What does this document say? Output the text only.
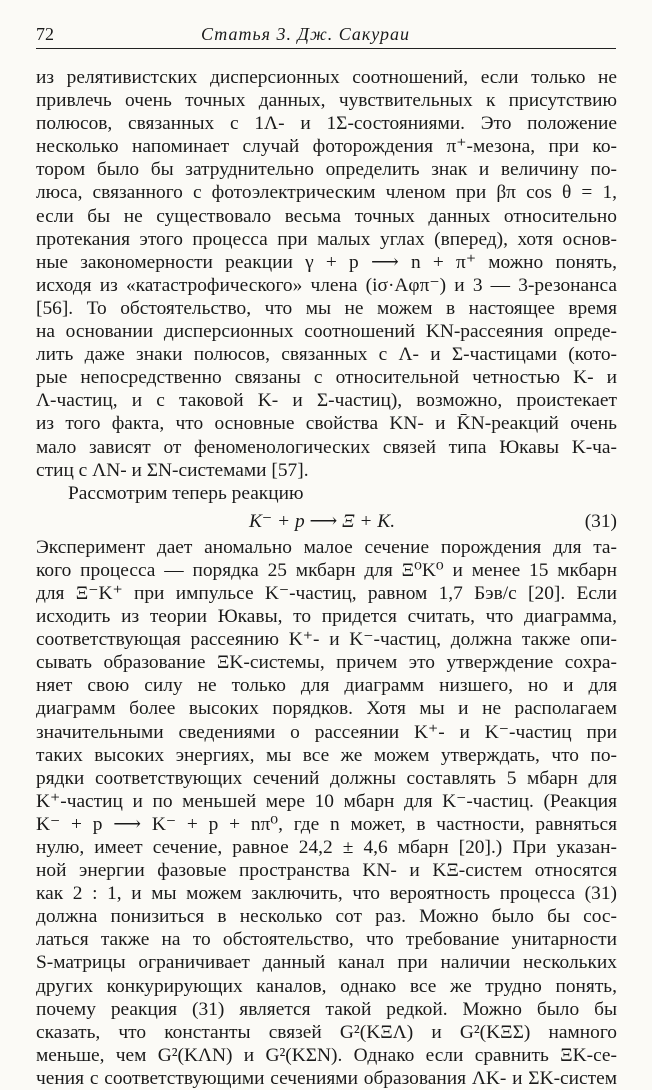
72	Статья 3. Дж. Сакураи
из релятивистских дисперсионных соотношений, если только не
привлечь очень точных данных, чувствительных к присутствию
полюсов, связанных с 1Λ- и 1Σ-состояниями. Это положение
несколько напоминает случай фоторождения π⁺-мезона, при ко-
тором было бы затруднительно определить знак и величину по-
люса, связанного с фотоэлектрическим членом при βπ cos θ = 1,
если бы не существовало весьма точных данных относительно
протекания этого процесса при малых углах (вперед), хотя основ-
ные закономерности реакции γ + p ⟶ n + π⁺ можно понять,
исходя из «катастрофического» члена (iσ·Aφπ⁻) и 3 — 3-резонанса
[56]. То обстоятельство, что мы не можем в настоящее время
на основании дисперсионных соотношений KN-рассеяния опреде-
лить даже знаки полюсов, связанных с Λ- и Σ-частицами (кото-
рые непосредственно связаны с относительной четностью K- и
Λ-частиц, и с таковой K- и Σ-частиц), возможно, проистекает
из того факта, что основные свойства KN- и K̄N-реакций очень
мало зависят от феноменологических связей типа Юкавы K-ча-
стиц с ΛN- и ΣN-системами [57].
Рассмотрим теперь реакцию
K⁻ + p ⟶ Ξ + K.	(31)
Эксперимент дает аномально малое сечение порождения для та-
кого процесса — порядка 25 мкбарн для Ξ⁰K⁰ и менее 15 мкбарн
для Ξ⁻K⁺ при импульсе K⁻-частиц, равном 1,7 Бэв/c [20]. Если
исходить из теории Юкавы, то придется считать, что диаграмма,
соответствующая рассеянию K⁺- и K⁻-частиц, должна также опи-
сывать образование ΞK-системы, причем это утверждение сохра-
няет свою силу не только для диаграмм низшего, но и для
диаграмм более высоких порядков. Хотя мы и не располагаем
значительными сведениями о рассеянии K⁺- и K⁻-частиц при
таких высоких энергиях, мы все же можем утверждать, что по-
рядки соответствующих сечений должны составлять 5 мбарн для
K⁺-частиц и по меньшей мере 10 мбарн для K⁻-частиц. (Реакция
K⁻ + p ⟶ K⁻ + p + nπ⁰, где n может, в частности, равняться
нулю, имеет сечение, равное 24,2 ± 4,6 мбарн [20].) При указан-
ной энергии фазовые пространства KN- и KΞ-систем относятся
как 2 : 1, и мы можем заключить, что вероятность процесса (31)
должна понизиться в несколько сот раз. Можно было бы сос-
латься также на то обстоятельство, что требование унитарности
S-матрицы ограничивает данный канал при наличии нескольких
других конкурирующих каналов, однако все же трудно понять,
почему реакция (31) является такой редкой. Можно было бы
сказать, что константы связей G²(KΞΛ) и G²(KΞΣ) намного
меньше, чем G²(KΛN) и G²(KΣN). Однако если сравнить ΞK-се-
чения с соответствующими сечениями образования ΛK- и ΣK-систем
